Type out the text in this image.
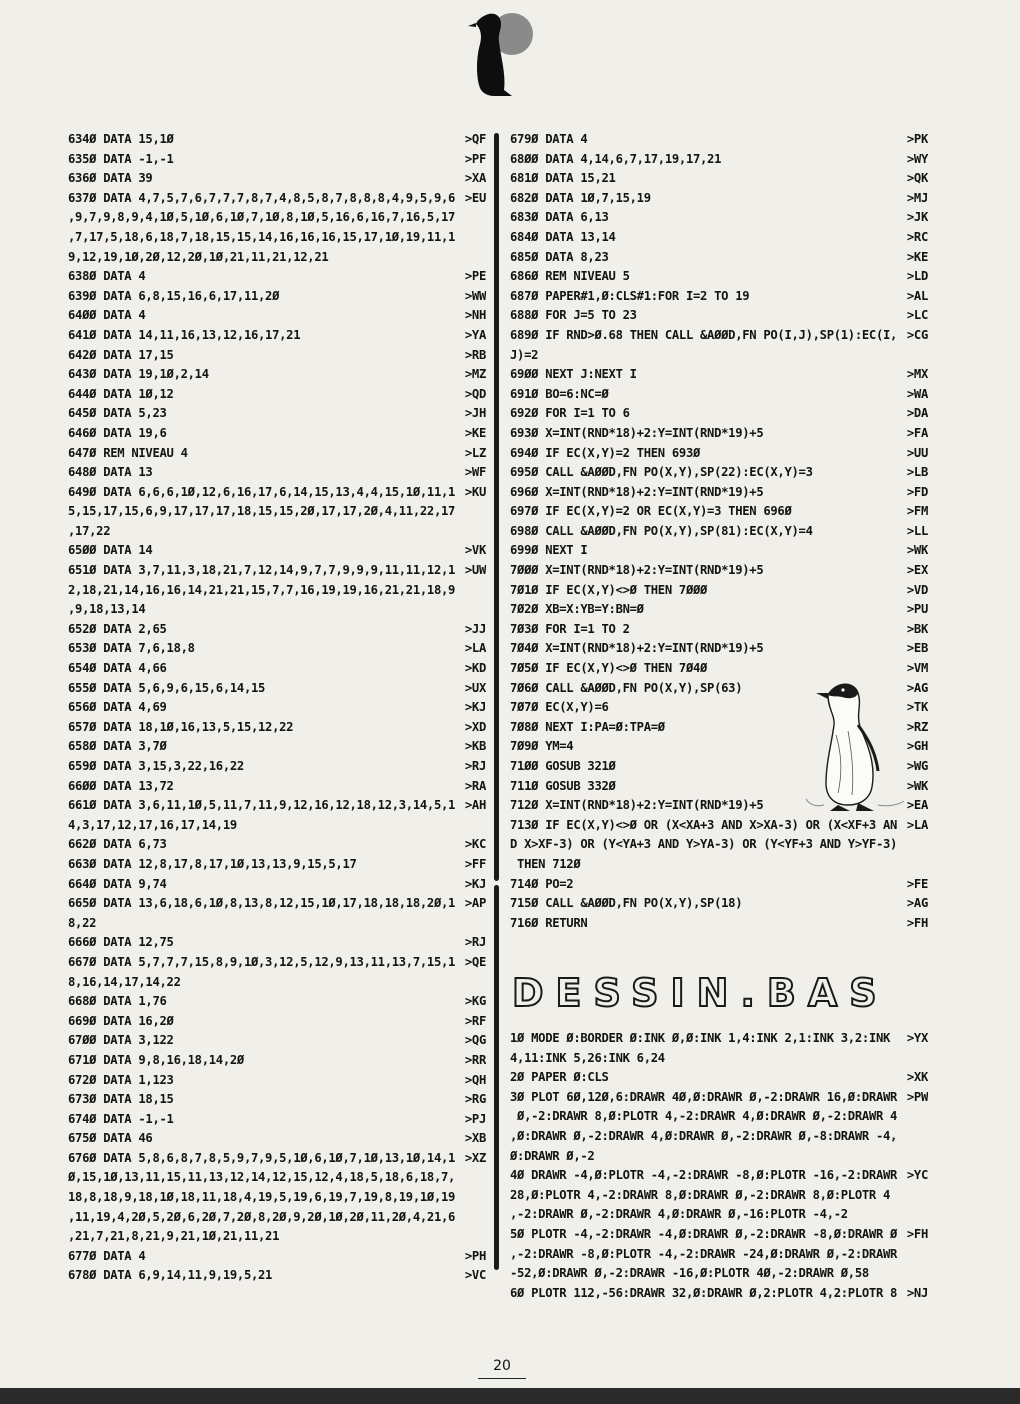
634Ø DATA 15,1Ø	>QF
635Ø DATA -1,-1	>PF
636Ø DATA 39	>XA
637Ø DATA 4,7,5,7,6,7,7,7,8,7,4,8,5,8,7,8,8,8,4,9,5,9,6 >EU
,9,7,9,8,9,4,1Ø,5,1Ø,6,1Ø,7,1Ø,8,1Ø,5,16,6,16,7,16,5,17
,7,17,5,18,6,18,7,18,15,15,14,16,16,16,15,17,1Ø,19,11,1
9,12,19,1Ø,2Ø,12,2Ø,1Ø,21,11,21,12,21
638Ø DATA 4	>PE
639Ø DATA 6,8,15,16,6,17,11,2Ø	>WW
64ØØ DATA 4	>NH
641Ø DATA 14,11,16,13,12,16,17,21	>YA
642Ø DATA 17,15	>RB
643Ø DATA 19,1Ø,2,14	>MZ
644Ø DATA 1Ø,12	>QD
645Ø DATA 5,23	>JH
646Ø DATA 19,6	>KE
647Ø REM NIVEAU 4	>LZ
648Ø DATA 13	>WF
649Ø DATA 6,6,6,1Ø,12,6,16,17,6,14,15,13,4,4,15,1Ø,11,1 >KU
5,15,17,15,6,9,17,17,17,18,15,15,2Ø,17,17,2Ø,4,11,22,17
,17,22
65ØØ DATA 14	>VK
651Ø DATA 3,7,11,3,18,21,7,12,14,9,7,7,9,9,9,11,11,12,1 >UW
2,18,21,14,16,16,14,21,21,15,7,7,16,19,19,16,21,21,18,9
,9,18,13,14
652Ø DATA 2,65	>JJ
653Ø DATA 7,6,18,8	>LA
654Ø DATA 4,66	>KD
655Ø DATA 5,6,9,6,15,6,14,15	>UX
656Ø DATA 4,69	>KJ
657Ø DATA 18,1Ø,16,13,5,15,12,22	>XD
658Ø DATA 3,7Ø	>KB
659Ø DATA 3,15,3,22,16,22	>RJ
66ØØ DATA 13,72	>RA
661Ø DATA 3,6,11,1Ø,5,11,7,11,9,12,16,12,18,12,3,14,5,1 >AH
4,3,17,12,17,16,17,14,19
662Ø DATA 6,73	>KC
663Ø DATA 12,8,17,8,17,1Ø,13,13,9,15,5,17	>FF
664Ø DATA 9,74	>KJ
665Ø DATA 13,6,18,6,1Ø,8,13,8,12,15,1Ø,17,18,18,18,2Ø,1 >AP
8,22
666Ø DATA 12,75	>RJ
667Ø DATA 5,7,7,7,15,8,9,1Ø,3,12,5,12,9,13,11,13,7,15,1 >QE
8,16,14,17,14,22
668Ø DATA 1,76	>KG
669Ø DATA 16,2Ø	>RF
67ØØ DATA 3,122	>QG
671Ø DATA 9,8,16,18,14,2Ø	>RR
672Ø DATA 1,123	>QH
673Ø DATA 18,15	>RG
674Ø DATA -1,-1	>PJ
675Ø DATA 46	>XB
676Ø DATA 5,8,6,8,7,8,5,9,7,9,5,1Ø,6,1Ø,7,1Ø,13,1Ø,14,1 >XZ
Ø,15,1Ø,13,11,15,11,13,12,14,12,15,12,4,18,5,18,6,18,7,
18,8,18,9,18,1Ø,18,11,18,4,19,5,19,6,19,7,19,8,19,1Ø,19
,11,19,4,2Ø,5,2Ø,6,2Ø,7,2Ø,8,2Ø,9,2Ø,1Ø,2Ø,11,2Ø,4,21,6
,21,7,21,8,21,9,21,1Ø,21,11,21
677Ø DATA 4	>PH
678Ø DATA 6,9,14,11,9,19,5,21	>VC
679Ø DATA 4	>PK
68ØØ DATA 4,14,6,7,17,19,17,21	>WY
681Ø DATA 15,21	>QK
682Ø DATA 1Ø,7,15,19	>MJ
683Ø DATA 6,13	>JK
684Ø DATA 13,14	>RC
685Ø DATA 8,23	>KE
686Ø REM NIVEAU 5	>LD
687Ø PAPER#1,Ø:CLS#1:FOR I=2 TO 19	>AL
688Ø FOR J=5 TO 23	>LC
689Ø IF RND>Ø.68 THEN CALL &AØØD,FN PO(I,J),SP(1):EC(I, >CG
J)=2
69ØØ NEXT J:NEXT I	>MX
691Ø BO=6:NC=Ø	>WA
692Ø FOR I=1 TO 6	>DA
693Ø X=INT(RND*18)+2:Y=INT(RND*19)+5	>FA
694Ø IF EC(X,Y)=2 THEN 693Ø	>UU
695Ø CALL &AØØD,FN PO(X,Y),SP(22):EC(X,Y)=3	>LB
696Ø X=INT(RND*18)+2:Y=INT(RND*19)+5	>FD
697Ø IF EC(X,Y)=2 OR EC(X,Y)=3 THEN 696Ø	>FM
698Ø CALL &AØØD,FN PO(X,Y),SP(81):EC(X,Y)=4	>LL
699Ø NEXT I	>WK
7ØØØ X=INT(RND*18)+2:Y=INT(RND*19)+5	>EX
7Ø1Ø IF EC(X,Y)<>Ø THEN 7ØØØ	>VD
7Ø2Ø XB=X:YB=Y:BN=Ø	>PU
7Ø3Ø FOR I=1 TO 2	>BK
7Ø4Ø X=INT(RND*18)+2:Y=INT(RND*19)+5	>EB
7Ø5Ø IF EC(X,Y)<>Ø THEN 7Ø4Ø	>VM
7Ø6Ø CALL &AØØD,FN PO(X,Y),SP(63)	>AG
7Ø7Ø EC(X,Y)=6	>TK
7Ø8Ø NEXT I:PA=Ø:TPA=Ø	>RZ
7Ø9Ø YM=4	>GH
71ØØ GOSUB 321Ø	>WG
711Ø GOSUB 332Ø	>WK
712Ø X=INT(RND*18)+2:Y=INT(RND*19)+5	>EA
713Ø IF EC(X,Y)<>Ø OR (X<XA+3 AND X>XA-3) OR (X<XF+3 AN >LA
D X>XF-3) OR (Y<YA+3 AND Y>YA-3) OR (Y<YF+3 AND Y>YF-3)
THEN 712Ø
714Ø PO=2	>FE
715Ø CALL &AØØD,FN PO(X,Y),SP(18)	>AG
716Ø RETURN	>FH
DESSIN.BAS
1Ø MODE Ø:BORDER Ø:INK Ø,Ø:INK 1,4:INK 2,1:INK 3,2:INK >YX
4,11:INK 5,26:INK 6,24
2Ø PAPER Ø:CLS	>XK
3Ø PLOT 6Ø,12Ø,6:DRAWR 4Ø,Ø:DRAWR Ø,-2:DRAWR 16,Ø:DRAWR >PW
Ø,-2:DRAWR 8,Ø:PLOTR 4,-2:DRAWR 4,Ø:DRAWR Ø,-2:DRAWR 4
,Ø:DRAWR Ø,-2:DRAWR 4,Ø:DRAWR Ø,-2:DRAWR Ø,-8:DRAWR -4,
Ø:DRAWR Ø,-2
4Ø DRAWR -4,Ø:PLOTR -4,-2:DRAWR -8,Ø:PLOTR -16,-2:DRAWR >YC
28,Ø:PLOTR 4,-2:DRAWR 8,Ø:DRAWR Ø,-2:DRAWR 8,Ø:PLOTR 4
,-2:DRAWR Ø,-2:DRAWR 4,Ø:DRAWR Ø,-16:PLOTR -4,-2
5Ø PLOTR -4,-2:DRAWR -4,Ø:DRAWR Ø,-2:DRAWR -8,Ø:DRAWR Ø >FH
,-2:DRAWR -8,Ø:PLOTR -4,-2:DRAWR -24,Ø:DRAWR Ø,-2:DRAWR
-52,Ø:DRAWR Ø,-2:DRAWR -16,Ø:PLOTR 4Ø,-2:DRAWR Ø,58
6Ø PLOTR 112,-56:DRAWR 32,Ø:DRAWR Ø,2:PLOTR 4,2:PLOTR 8 >NJ
20
